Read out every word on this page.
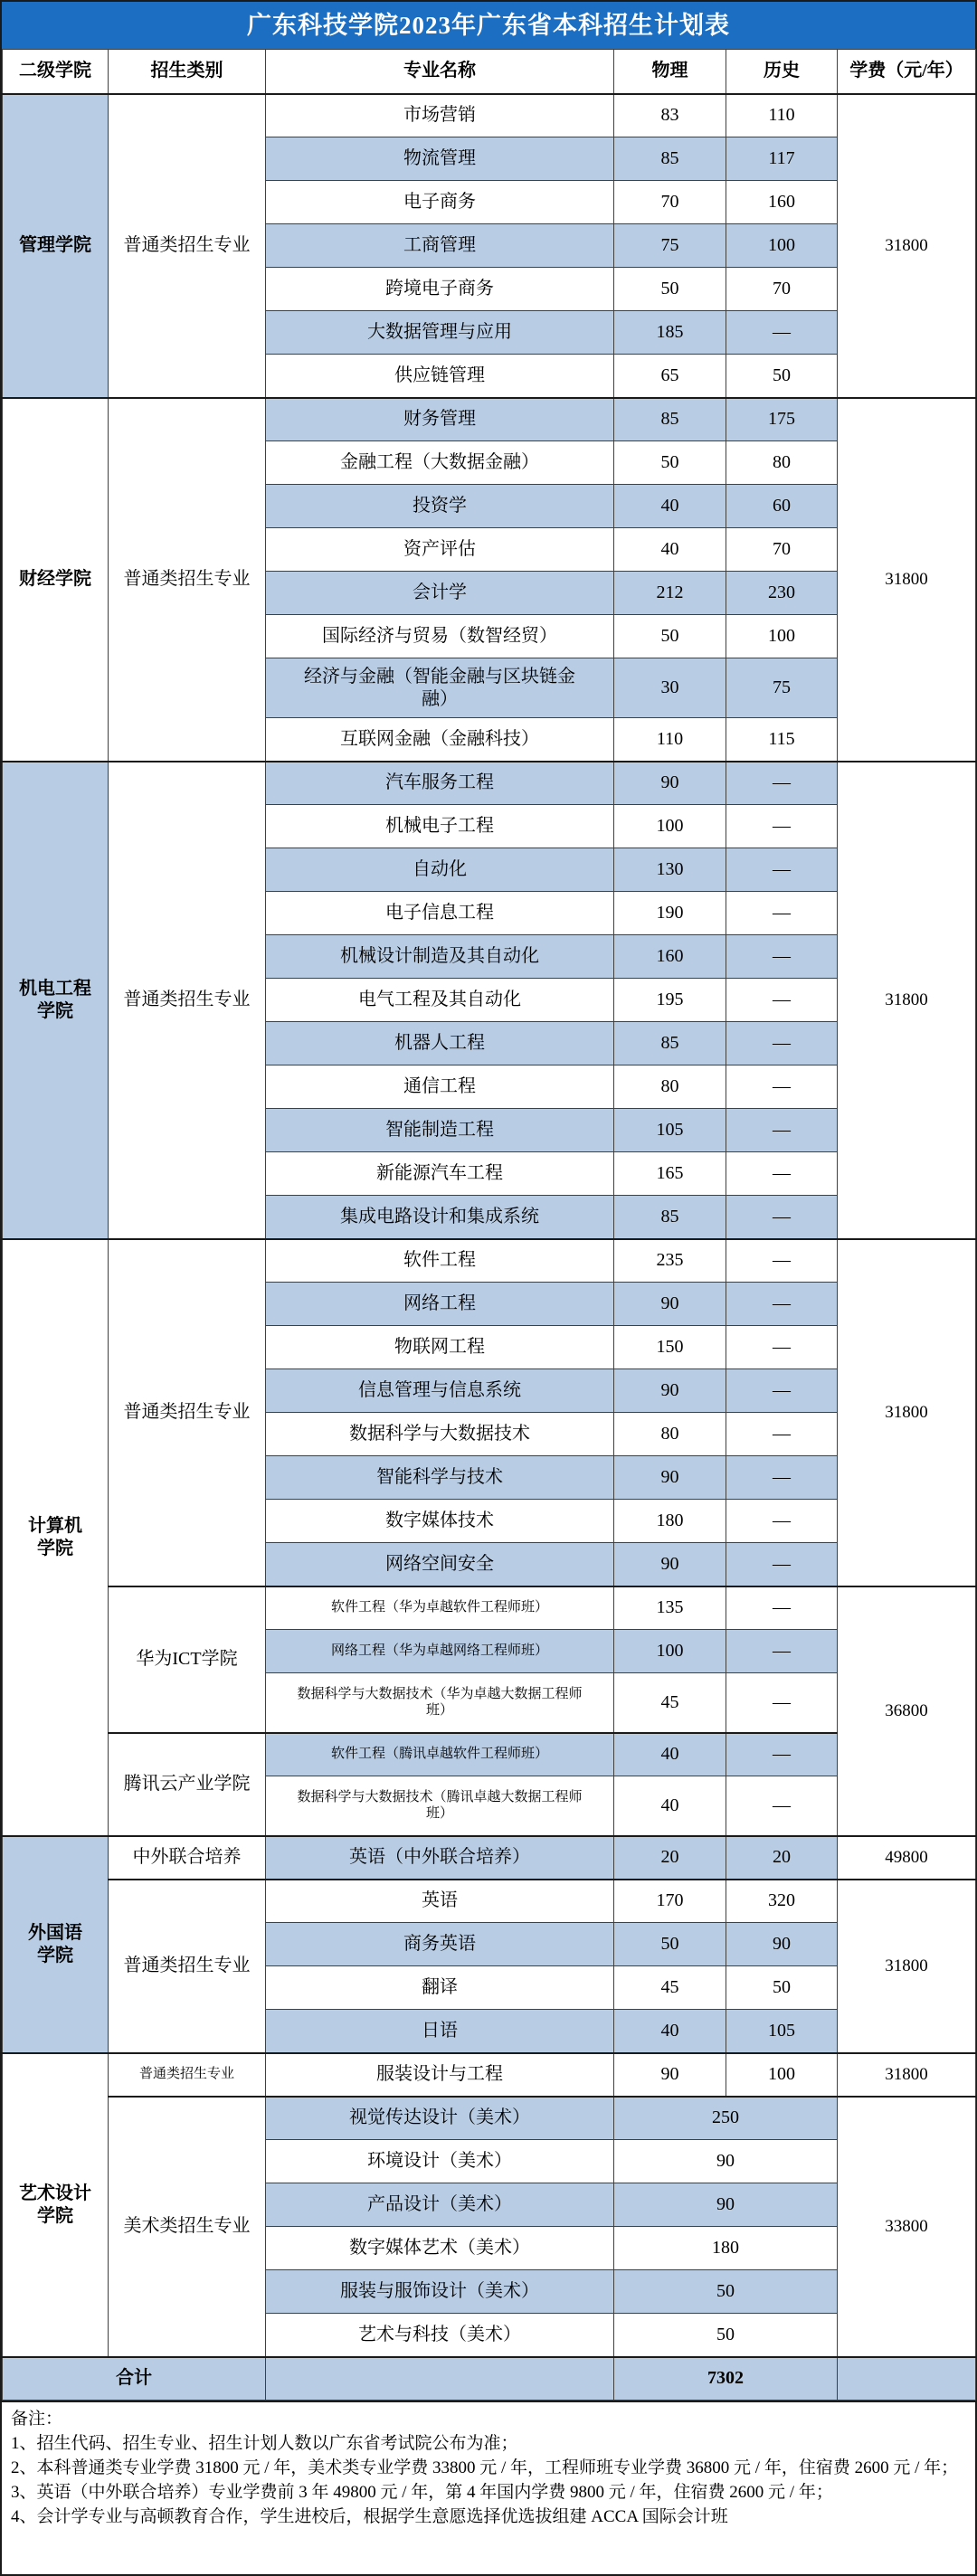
广东科技学院2023年广东省本科招生计划表
二级学院	招生类别	专业名称	物理	历史	学费（元/年）
管理学院	普通类招生专业	市场营销	83	110	31800
		物流管理	85	117	
		电子商务	70	160	
		工商管理	75	100	
		跨境电子商务	50	70	
		大数据管理与应用	185	—	
		供应链管理	65	50	
财经学院	普通类招生专业	财务管理	85	175	31800
		金融工程（大数据金融）	50	80	
		投资学	40	60	
		资产评估	40	70	
		会计学	212	230	
		国际经济与贸易（数智经贸）	50	100	
		经济与金融（智能金融与区块链金
融）	30	75	
		互联网金融（金融科技）	110	115	
机电工程
学院	普通类招生专业	汽车服务工程	90	—	31800
		机械电子工程	100	—	
		自动化	130	—	
		电子信息工程	190	—	
		机械设计制造及其自动化	160	—	
		电气工程及其自动化	195	—	
		机器人工程	85	—	
		通信工程	80	—	
		智能制造工程	105	—	
		新能源汽车工程	165	—	
		集成电路设计和集成系统	85	—	
计算机
学院	普通类招生专业	软件工程	235	—	31800
		网络工程	90	—	
		物联网工程	150	—	
		信息管理与信息系统	90	—	
		数据科学与大数据技术	80	—	
		智能科学与技术	90	—	
		数字媒体技术	180	—	
		网络空间安全	90	—	
	华为ICT学院	软件工程（华为卓越软件工程师班）	135	—	36800
		网络工程（华为卓越网络工程师班）	100	—	
		数据科学与大数据技术（华为卓越大数据工程师
班）	45	—	
	腾讯云产业学院	软件工程（腾讯卓越软件工程师班）	40	—	
		数据科学与大数据技术（腾讯卓越大数据工程师
班）	40	—	
外国语
学院	中外联合培养	英语（中外联合培养）	20	20	49800
	普通类招生专业	英语	170	320	31800
		商务英语	50	90	
		翻译	45	50	
		日语	40	105	
艺术设计
学院	普通类招生专业	服装设计与工程	90	100	31800
	美术类招生专业	视觉传达设计（美术）	250		33800
		环境设计（美术）	90		
		产品设计（美术）	90		
		数字媒体艺术（美术）	180		
		服装与服饰设计（美术）	50		
		艺术与科技（美术）	50		
合计			7302		
备注：
1、招生代码、招生专业、招生计划人数以广东省考试院公布为准；
2、本科普通类专业学费 31800 元 / 年，美术类专业学费 33800 元 / 年，工程师班专业学费 36800 元 / 年，住宿费 2600 元 / 年；
3、英语（中外联合培养）专业学费前 3 年 49800 元 / 年，第 4 年国内学费 9800 元 / 年，住宿费 2600 元 / 年；
4、会计学专业与高顿教育合作，学生进校后，根据学生意愿选择优选拔组建 ACCA 国际会计班
